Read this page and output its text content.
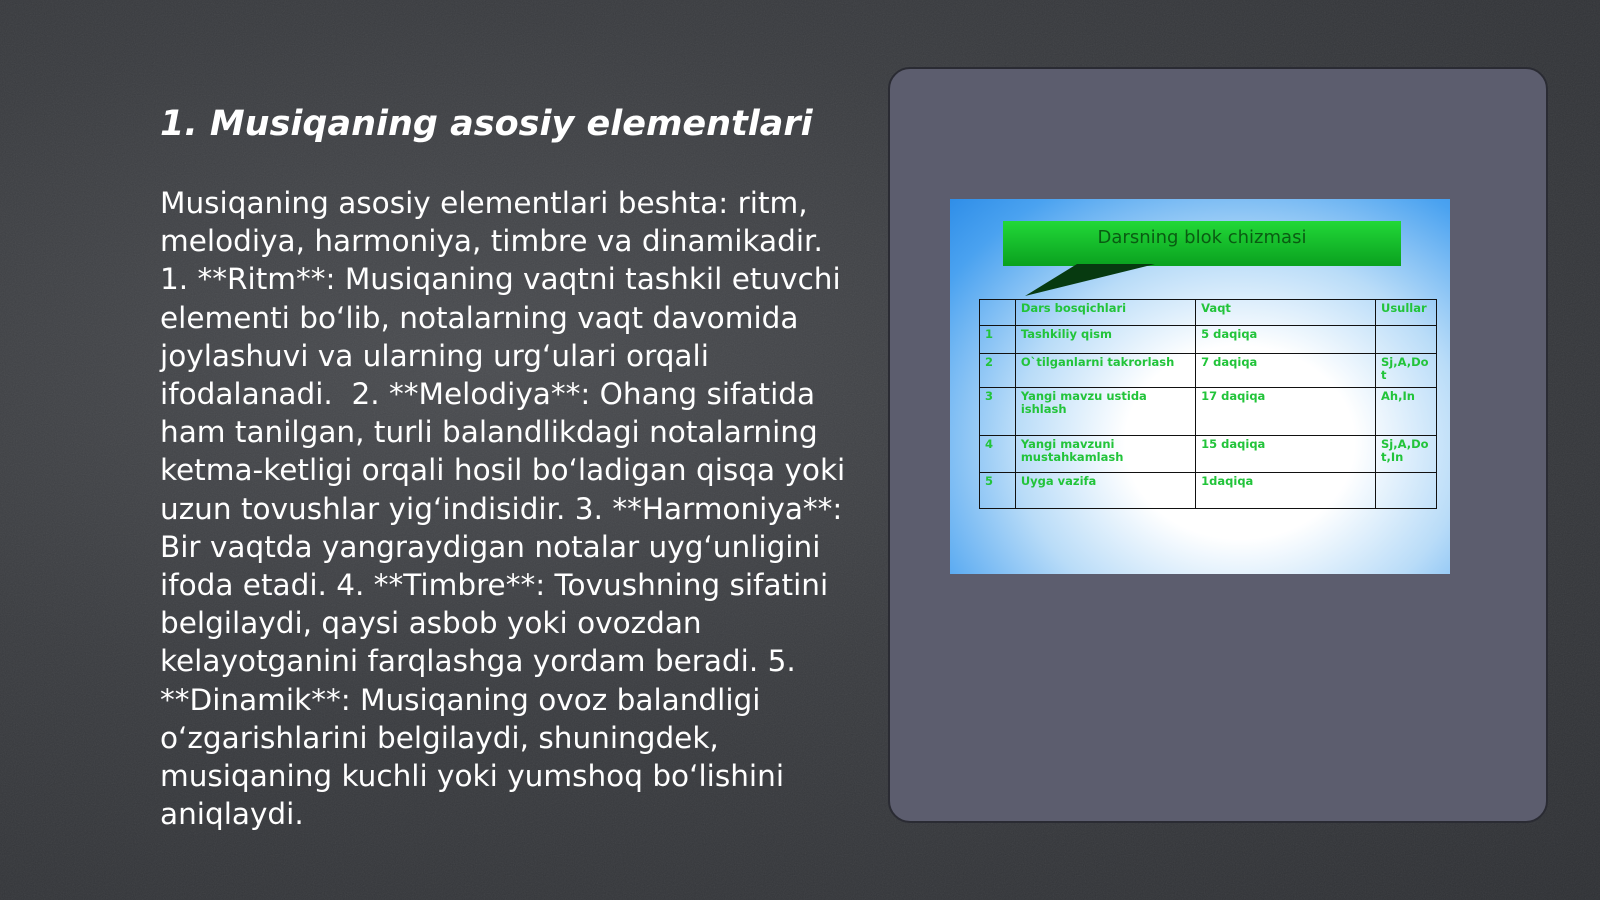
1. Musiqaning asosiy elementlari
Musiqaning asosiy elementlari beshta: ritm, melodiya, harmoniya, timbre va dinamikadir. 1. **Ritm**: Musiqaning vaqtni tashkil etuvchi elementi boʻlib, notalarning vaqt davomida joylashuvi va ularning urgʻulari orqali ifodalanadi.  2. **Melodiya**: Ohang sifatida ham tanilgan, turli balandlikdagi notalarning ketma-ketligi orqali hosil boʻladigan qisqa yoki uzun tovushlar yigʻindisidir. 3. **Harmoniya**: Bir vaqtda yangraydigan notalar uygʻunligini ifoda etadi. 4. **Timbre**: Tovushning sifatini belgilaydi, qaysi asbob yoki ovozdan kelayotganini farqlashga yordam beradi. 5. **Dinamik**: Musiqaning ovoz balandligi oʻzgarishlarini belgilaydi, shuningdek, musiqaning kuchli yoki yumshoq boʻlishini aniqlaydi.
Darsning blok chizmasi
	Dars bosqichlari	Vaqt	Usullar
1	Tashkiliy qism	5 daqiqa	
2	O`tilganlarni takrorlash	7 daqiqa	Sj,A,Do t
3	Yangi mavzu ustida ishlash	17 daqiqa	Ah,In
4	Yangi mavzuni mustahkamlash	15 daqiqa	Sj,A,Do t,In
5	Uyga vazifa	1daqiqa	
